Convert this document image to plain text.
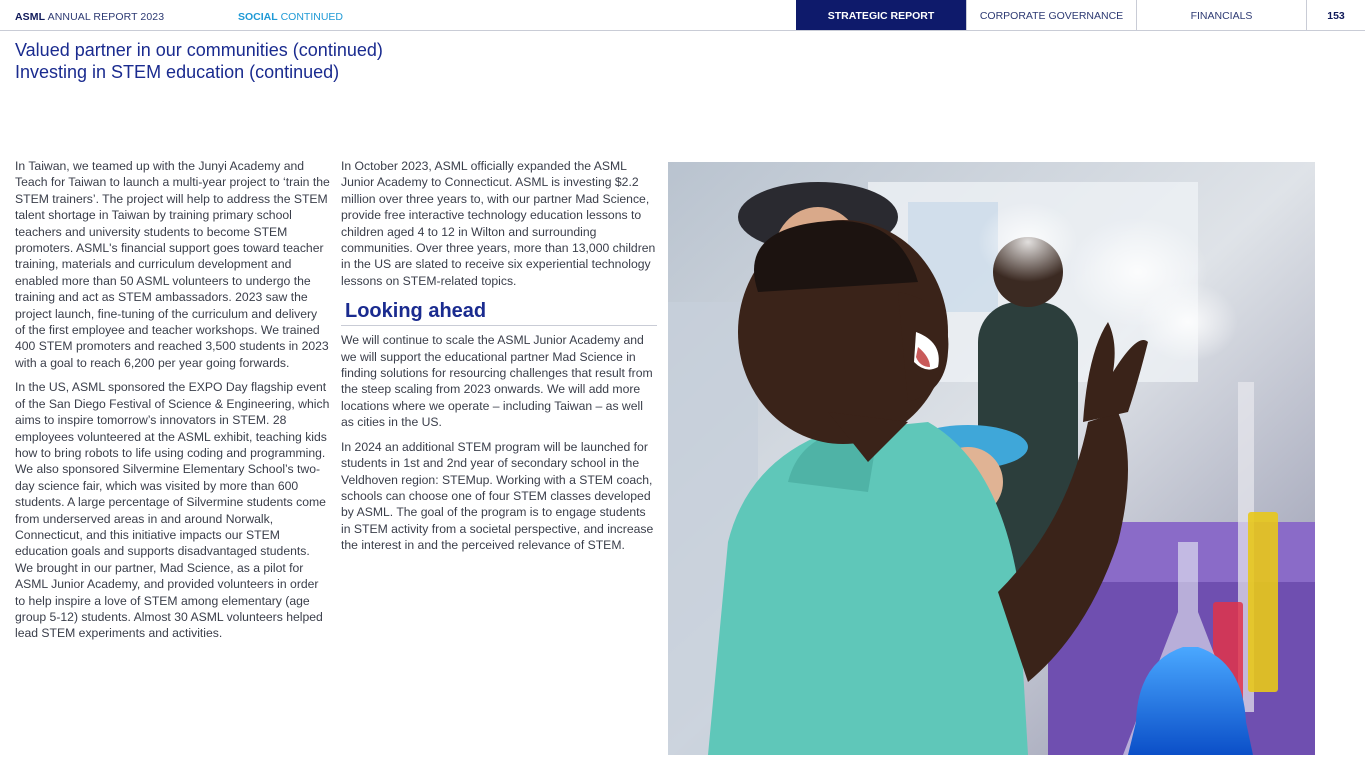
ASML ANNUAL REPORT 2023	SOCIAL CONTINUED	STRATEGIC REPORT	CORPORATE GOVERNANCE	FINANCIALS	153
Valued partner in our communities (continued)
Investing in STEM education (continued)

In Taiwan, we teamed up with the Junyi Academy and Teach for Taiwan to launch a multi-year project to ‘train the STEM trainers’. The project will help to address the STEM talent shortage in Taiwan by training primary school teachers and university students to become STEM promoters. ASML's financial support goes toward teacher training, materials and curriculum development and enabled more than 50 ASML volunteers to undergo the training and act as STEM ambassadors. 2023 saw the project launch, fine-tuning of the curriculum and delivery of the first employee and teacher workshops. We trained 400 STEM promoters and reached 3,500 students in 2023 with a goal to reach 6,200 per year going forwards.

In the US, ASML sponsored the EXPO Day flagship event of the San Diego Festival of Science & Engineering, which aims to inspire tomorrow’s innovators in STEM. 28 employees volunteered at the ASML exhibit, teaching kids how to bring robots to life using coding and programming. We also sponsored Silvermine Elementary School’s two-day science fair, which was visited by more than 600 students. A large percentage of Silvermine students come from underserved areas in and around Norwalk, Connecticut, and this initiative impacts our STEM education goals and supports disadvantaged students. We brought in our partner, Mad Science, as a pilot for ASML Junior Academy, and provided volunteers in order to help inspire a love of STEM among elementary (age group 5-12) students. Almost 30 ASML volunteers helped lead STEM experiments and activities.

In October 2023, ASML officially expanded the ASML Junior Academy to Connecticut. ASML is investing $2.2 million over three years to, with our partner Mad Science, provide free interactive technology education lessons to children aged 4 to 12 in Wilton and surrounding communities. Over three years, more than 13,000 children in the US are slated to receive six experiential technology lessons on STEM-related topics.

Looking ahead

We will continue to scale the ASML Junior Academy and we will support the educational partner Mad Science in finding solutions for resourcing challenges that result from the steep scaling from 2023 onwards. We will add more locations where we operate – including Taiwan – as well as cities in the US.

In 2024 an additional STEM program will be launched for students in 1st and 2nd year of secondary school in the Veldhoven region: STEMup. Working with a STEM coach, schools can choose one of four STEM classes developed by ASML. The goal of the program is to engage students in STEM activity from a societal perspective, and increase the interest in and the perceived relevance of STEM.
